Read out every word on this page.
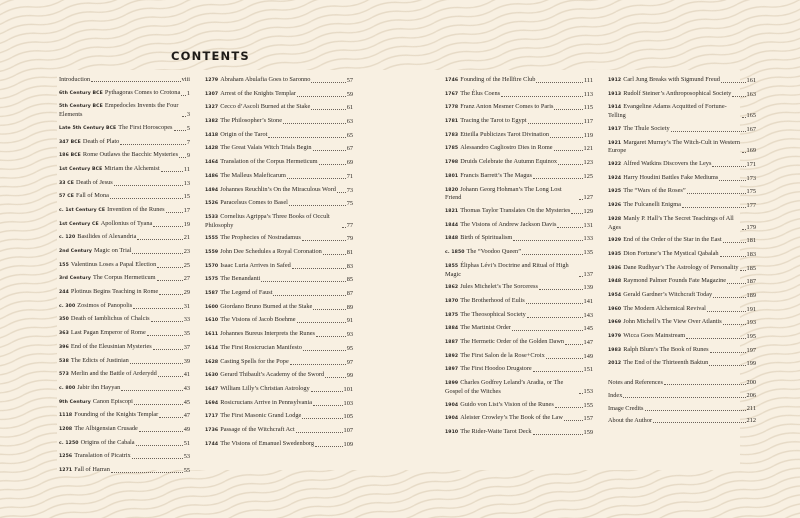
CONTENTS
Introduction	viii
6th Century BCE Pythagoras Comes to Crotona 1
5th Century BCE Empedocles Invents the Four Elements	3
Late 5th Century BCE The First Horoscopes 5
347 BCE Death of Plato	7
186 BCE Rome Outlaws the Bacchic Mysteries 9
1st Century BCE Miriam the Alchemist	11
33 CE Death of Jesus	13
57 CE Fall of Mona	15
c. 1st Century CE Invention of the Runes	17
1st Century CE Apollonius of Tyana	19
c. 120 Basilides of Alexandria	21
2nd Century Magic on Trial	23
155 Valentinus Loses a Papal Election	25
3rd Century The Corpus Hermeticum	27
244 Plotinus Begins Teaching in Rome	29
c. 300 Zosimos of Panopolis	31
350 Death of Iamblichus of Chalcis	33
363 Last Pagan Emperor of Rome	35
396 End of the Eleusinian Mysteries	37
538 The Edicts of Justinian	39
573 Merlin and the Battle of Arderydd	41
c. 800 Jabir ibn Hayyan	43
9th Century Canon Episcopi	45
1118 Founding of the Knights Templar	47
1208 The Albigensian Crusade	49
c. 1250 Origins of the Cabala	51
1256 Translation of Picatrix	53
1271 Fall of Harran	55
1279 Abraham Abulafia Goes to Saronno	57
1307 Arrest of the Knights Templar	59
1327 Cecco d’Ascoli Burned at the Stake	61
1382 The Philosopher’s Stone	63
1418 Origin of the Tarot	65
1428 The Great Valais Witch Trials Begin	67
1464 Translation of the Corpus Hermeticum	69
1486 The Malleus Maleficarum	71
1494 Johannes Reuchlin’s On the Miraculous Word 73
1526 Paracelsus Comes to Basel	75
1533 Cornelius Agrippa’s Three Books of Occult Philosophy	77
1555 The Prophecies of Nostradamus	79
1559 John Dee Schedules a Royal Coronation	81
1570 Isaac Luria Arrives in Safed	83
1575 The Benandanti	85
1587 The Legend of Faust	87
1600 Giordano Bruno Burned at the Stake	89
1610 The Visions of Jacob Boehme	91
1611 Johannes Bureus Interprets the Runes	93
1614 The First Rosicrucian Manifesto	95
1628 Casting Spells for the Pope	97
1630 Gerard Thibault’s Academy of the Sword	99
1647 William Lilly’s Christian Astrology	101
1694 Rosicrucians Arrive in Pennsylvania	103
1717 The First Masonic Grand Lodge	105
1736 Passage of the Witchcraft Act	107
1744 The Visions of Emanuel Swedenborg	109
1746 Founding of the Hellfire Club	111
1767 The Élus Coens	113
1778 Franz Anton Mesmer Comes to Paris	115
1781 Tracing the Tarot to Egypt	117
1783 Etteilla Publicizes Tarot Divination	119
1785 Alessandro Cagliostro Dies in Rome	121
1798 Druids Celebrate the Autumn Equinox	123
1801 Francis Barrett’s The Magus	125
1820 Johann Georg Hohman’s The Long Lost Friend	127
1821 Thomas Taylor Translates On the Mysteries 129
1844 The Visions of Andrew Jackson Davis	131
1848 Birth of Spiritualism	133
c. 1850 The “Voodoo Queen”	135
1855 Éliphas Lévi’s Doctrine and Ritual of High Magic	137
1862 Jules Michelet’s The Sorceress	139
1870 The Brotherhood of Eulis	141
1875 The Theosophical Society	143
1884 The Martinist Order	145
1887 The Hermetic Order of the Golden Dawn	147
1892 The First Salon de la Rose+Croix	149
1897 The First Hoodoo Drugstore	151
1899 Charles Godfrey Leland’s Aradia, or The Gospel of the Witches	153
1904 Guido von List’s Vision of the Runes	155
1904 Aleister Crowley’s The Book of the Law	157
1910 The Rider-Waite Tarot Deck	159
1912 Carl Jung Breaks with Sigmund Freud	161
1913 Rudolf Steiner’s Anthroposophical Society 163
1914 Evangeline Adams Acquitted of Fortune-Telling	165
1917 The Thule Society	167
1921 Margaret Murray’s The Witch-Cult in Western Europe	169
1922 Alfred Watkins Discovers the Leys	171
1924 Harry Houdini Battles Fake Mediums	173
1925 The “Wars of the Roses”	175
1926 The Fulcanelli Enigma	177
1928 Manly P. Hall’s The Secret Teachings of All Ages	179
1929 End of the Order of the Star in the East	181
1935 Dion Fortune’s The Mystical Qabalah	183
1936 Dane Rudhyar’s The Astrology of Personality 185
1948 Raymond Palmer Founds Fate Magazine	187
1954 Gerald Gardner’s Witchcraft Today	189
1960 The Modern Alchemical Revival	191
1969 John Michell’s The View Over Atlantis	193
1979 Wicca Goes Mainstream	195
1983 Ralph Blum’s The Book of Runes	197
2012 The End of the Thirteenth Baktun	199
Notes and References	200
Index	206
Image Credits	211
About the Author	212
